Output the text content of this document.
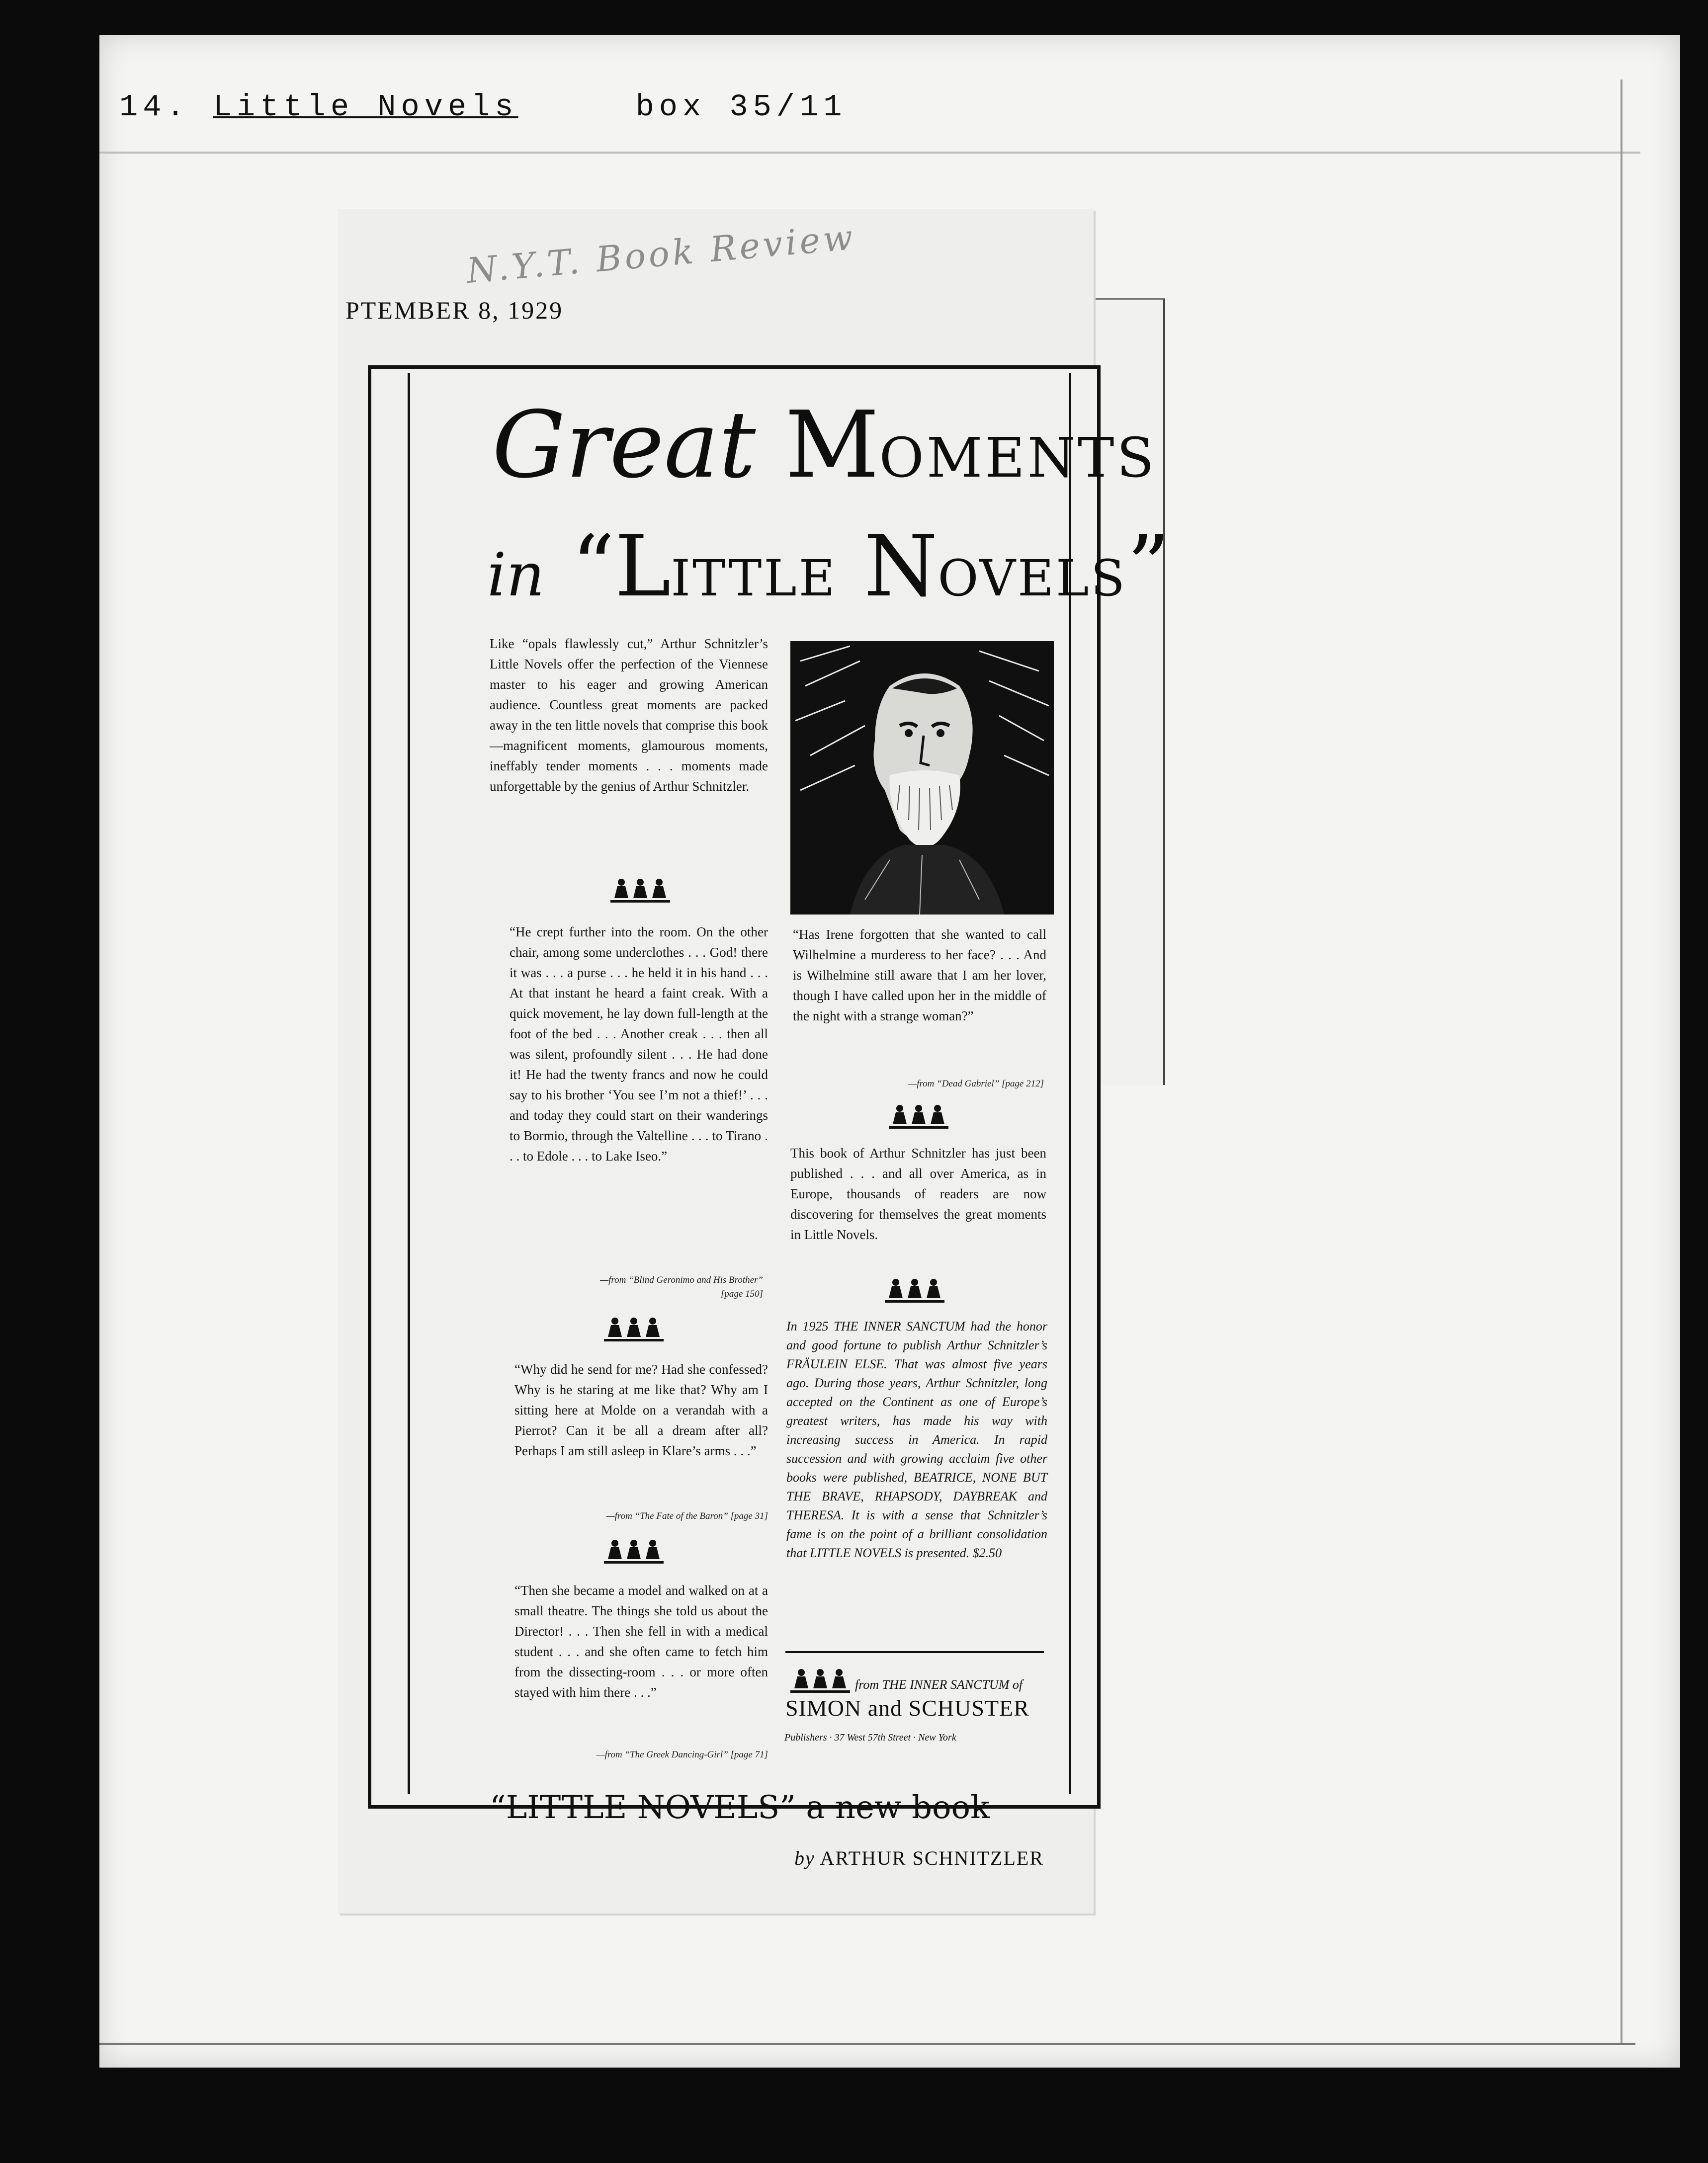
14. Little Novels	box 35/11
N.Y.T. Book Review
PTEMBER 8, 1929
Great MOMENTS
in “LITTLE NOVELS”

Like “opals flawlessly cut,” Arthur Schnitzler’s Little Novels offer the perfection of the Viennese master to his eager and growing American audience. Countless great moments are packed away in the ten little novels that comprise this book—magnificent moments, glamourous moments, ineffably tender moments . . . moments made unforgettable by the genius of Arthur Schnitzler.

“He crept further into the room. On the other chair, among some underclothes . . . God! there it was . . . a purse . . . he held it in his hand . . . At that instant he heard a faint creak. With a quick movement, he lay down full-length at the foot of the bed . . . Another creak . . . then all was silent, profoundly silent . . . He had done it! He had the twenty francs and now he could say to his brother ‘You see I’m not a thief!’ . . . and today they could start on their wanderings to Bormio, through the Valtelline . . . to Tirano . . . to Edole . . . to Lake Iseo.”

—from “Blind Geronimo and His Brother”
[page 150]

“Why did he send for me? Had she confessed? Why is he staring at me like that? Why am I sitting here at Molde on a verandah with a Pierrot? Can it be all a dream after all? Perhaps I am still asleep in Klare’s arms . . .”

—from “The Fate of the Baron” [page 31]

“Then she became a model and walked on at a small theatre. The things she told us about the Director! . . . Then she fell in with a medical student . . . and she often came to fetch him from the dissecting-room . . . or more often stayed with him there . . .”

—from “The Greek Dancing-Girl” [page 71]

“Has Irene forgotten that she wanted to call Wilhelmine a murderess to her face? . . . And is Wilhelmine still aware that I am her lover, though I have called upon her in the middle of the night with a strange woman?”

—from “Dead Gabriel” [page 212]

This book of Arthur Schnitzler has just been published . . . and all over America, as in Europe, thousands of readers are now discovering for themselves the great moments in Little Novels.

In 1925 THE INNER SANCTUM had the honor and good fortune to publish Arthur Schnitzler’s FRÄULEIN ELSE. That was almost five years ago. During those years, Arthur Schnitzler, long accepted on the Continent as one of Europe’s greatest writers, has made his way with increasing success in America. In rapid succession and with growing acclaim five other books were published, BEATRICE, NONE BUT THE BRAVE, RHAPSODY, DAYBREAK and THERESA. It is with a sense that Schnitzler’s fame is on the point of a brilliant consolidation that LITTLE NOVELS is presented. $2.50

from THE INNER SANCTUM of
SIMON and SCHUSTER
Publishers · 37 West 57th Street · New York
“LITTLE NOVELS” a new book
by ARTHUR SCHNITZLER
